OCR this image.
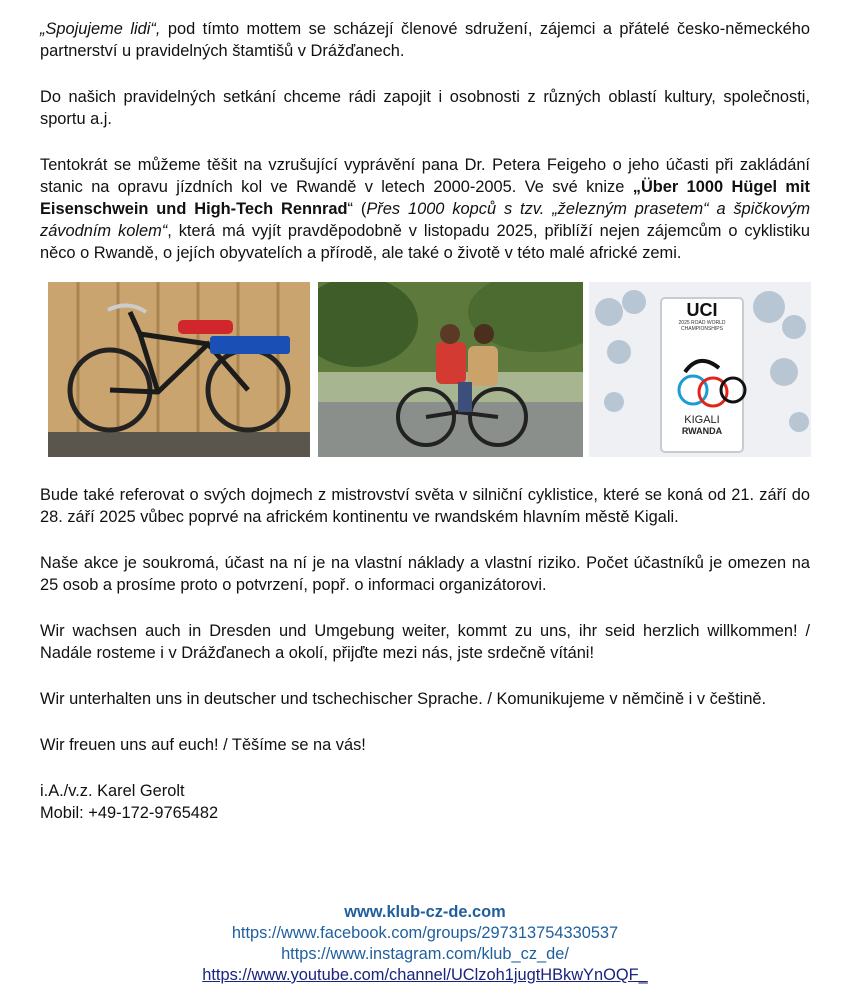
„Spojujeme lidi“, pod tímto mottem se scházejí členové sdružení, zájemci a přátelé česko-německého partnerství u pravidelných štamtišů v Drážďanech.

Do našich pravidelných setkání chceme rádi zapojit i osobnosti z různých oblastí kultury, společnosti, sportu a.j.

Tentokrát se můžeme těšit na vzrušující vyprávění pana Dr. Petera Feigeho o jeho účasti při zakládání stanic na opravu jízdních kol ve Rwandě v letech 2000-2005. Ve své knize „Über 1000 Hügel mit Eisenschwein und High-Tech Rennrad“ (Přes 1000 kopců s tzv. „železným prasetem“ a špičkovým závodním kolem“, která má vyjít pravděpodobně v listopadu 2025, přiblíží nejen zájemcům o cyklistiku něco o Rwandě, o jejích obyvatelích a přírodě, ale také o životě v této malé africké zemi.

UCI
2025 ROAD WORLD
CHAMPIONSHIPS
KIGALI
RWANDA

Bude také referovat o svých dojmech z mistrovství světa v silniční cyklistice, které se koná od 21. září do 28. září 2025 vůbec poprvé na africkém kontinentu ve rwandském hlavním městě Kigali.

Naše akce je soukromá, účast na ní je na vlastní náklady a vlastní riziko. Počet účastníků je omezen na 25 osob a prosíme proto o potvrzení, popř. o informaci organizátorovi.

Wir wachsen auch in Dresden und Umgebung weiter, kommt zu uns, ihr seid herzlich willkommen! / Nadále rosteme i v Drážďanech a okolí, přijďte mezi nás, jste srdečně vítáni!

Wir unterhalten uns in deutscher und tschechischer Sprache. / Komunikujeme v němčině i v češtině.

Wir freuen uns auf euch! / Těšíme se na vás!

i.A./v.z. Karel Gerolt
Mobil: +49-172-9765482
www.klub-cz-de.com
https://www.facebook.com/groups/297313754330537
https://www.instagram.com/klub_cz_de/
https://www.youtube.com/channel/UClzoh1jugtHBkwYnOQF_
